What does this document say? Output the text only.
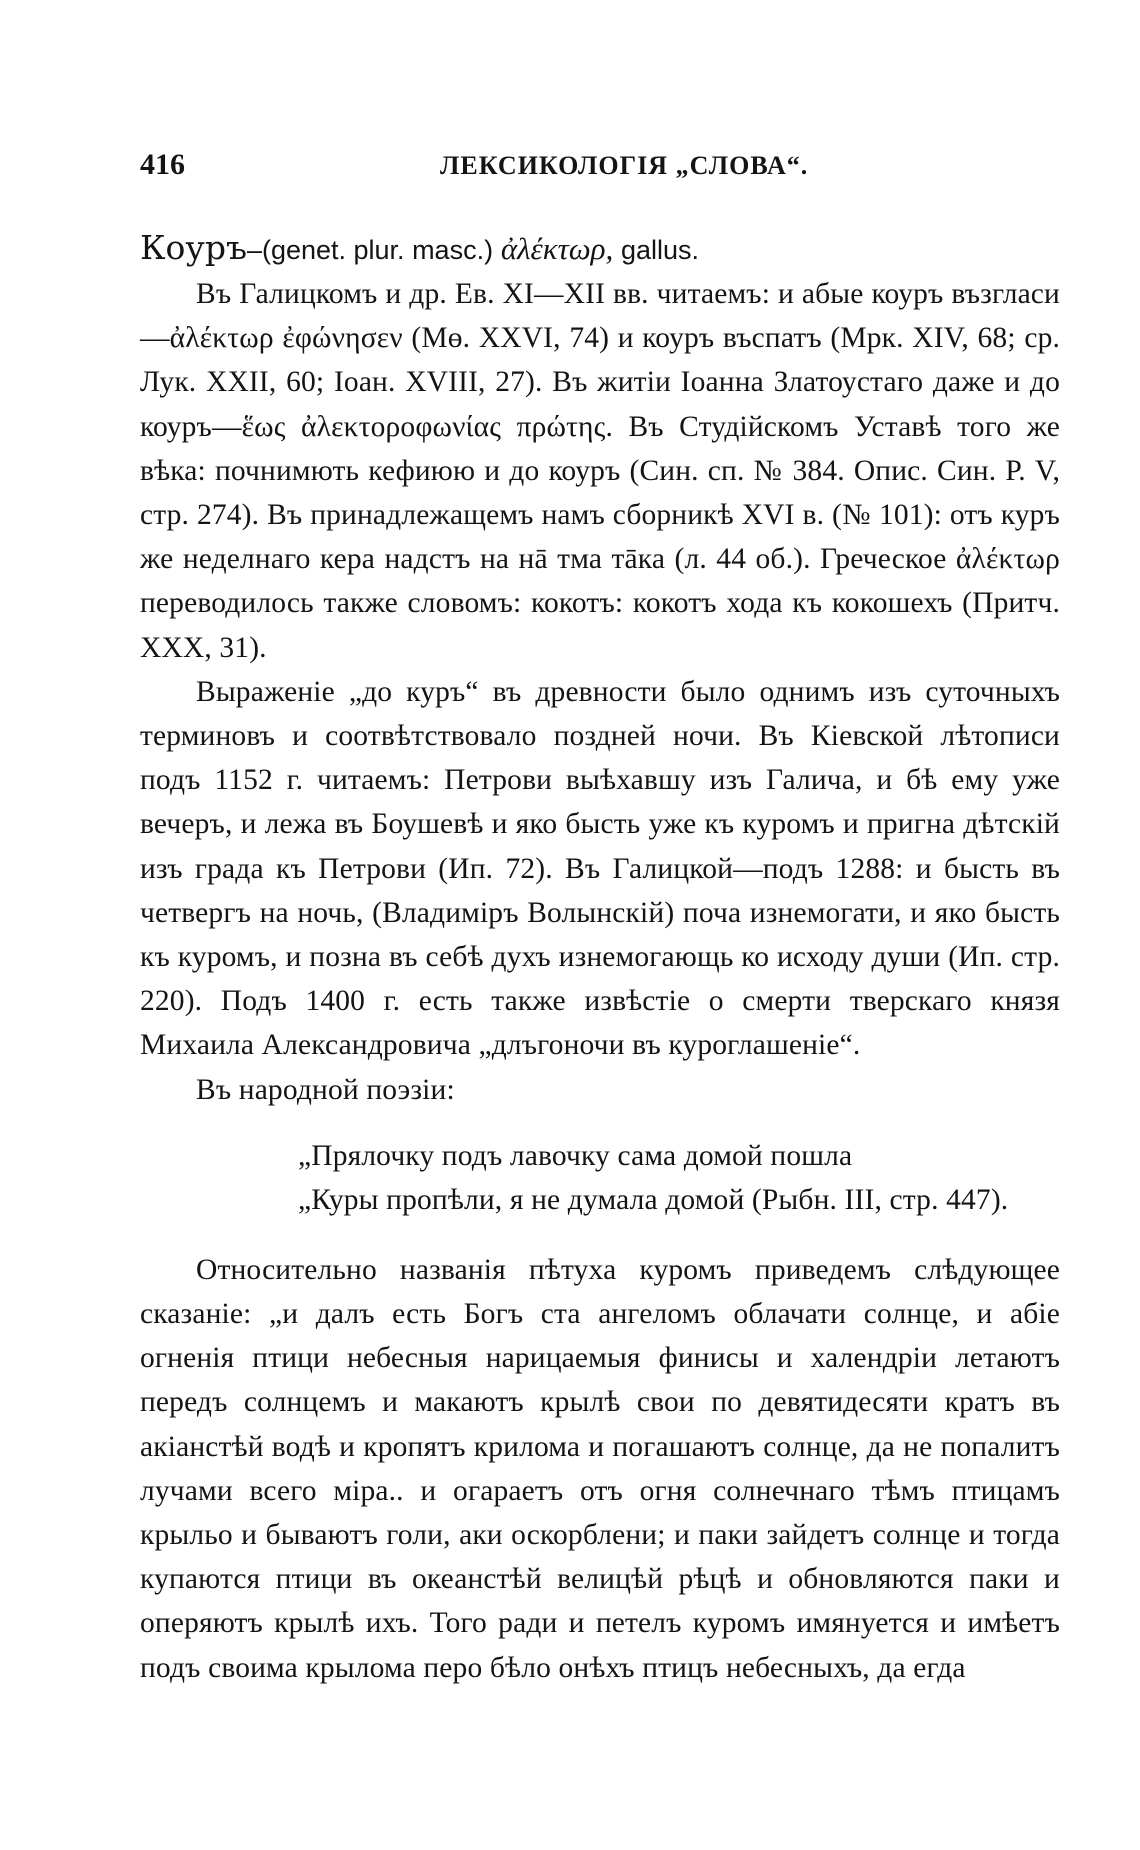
416	ЛЕКСИКОЛОГІЯ „СЛОВА“.
Коуръ–(genet. plur. masc.) ἀλέκτωρ, gallus.

Въ Галицкомъ и др. Ев. XI—XII вв. читаемъ: и абые коуръ възгласи—ἀλέκτωρ ἐφώνησεν (Мө. XXVI, 74) и коуръ въспатъ (Мрк. XIV, 68; ср. Лук. XXII, 60; Іоан. XVIII, 27). Въ житіи Іоанна Златоустаго даже и до коуръ—ἕως ἀλεκτοροφωνίας πρώτης. Въ Студійскомъ Уставѣ того же вѣка: почнимють кефиюю и до коуръ (Син. сп. № 384. Опис. Син. Р. V, стр. 274). Въ принадлежащемъ намъ сборникѣ XVI в. (№ 101): отъ куръ же неделнаго кера надстъ на нā тма тāка (л. 44 об.). Греческое ἀλέκτωρ переводилось также словомъ: кокотъ: кокотъ хода къ кокошехъ (Притч. XXX, 31).

Выраженіе „до куръ“ въ древности было однимъ изъ суточныхъ терминовъ и соотвѣтствовало поздней ночи. Въ Кіевской лѣтописи подъ 1152 г. читаемъ: Петрови выѣхавшу изъ Галича, и бѣ ему уже вечеръ, и лежа въ Боушевѣ и яко бысть уже къ куромъ и пригна дѣтскій изъ града къ Петрови (Ип. 72). Въ Галицкой—подъ 1288: и бысть въ четвергъ на ночь, (Владиміръ Волынскій) поча изнемогати, и яко бысть къ куромъ, и позна въ себѣ духъ изнемогающь ко исходу души (Ип. стр. 220). Подъ 1400 г. есть также извѣстіе о смерти тверскаго князя Михаила Александровича „длъгоночи въ куроглашеніе“.

Въ народной поэзіи:

„Прялочку подъ лавочку сама домой пошла
„Куры пропѣли, я не думала домой (Рыбн. III, стр. 447).

Относительно названія пѣтуха куромъ приведемъ слѣдующее сказаніе: „и далъ есть Богъ ста ангеломъ облачати солнце, и абіе огненія птици небесныя нарицаемыя финисы и халендріи летаютъ передъ солнцемъ и макаютъ крылѣ свои по девятидесяти кратъ въ акіанстѣй водѣ и кропятъ крилома и погашаютъ солнце, да не попалитъ лучами всего міра.. и огараетъ отъ огня солнечнаго тѣмъ птицамъ крыльо и бываютъ голи, аки оскорблени; и паки зайдетъ солнце и тогда купаются птици въ океанстѣй велицѣй рѣцѣ и обновляются паки и оперяютъ крылѣ ихъ. Того ради и петелъ куромъ имянуется и имѣетъ подъ своима крылома перо бѣло онѣхъ птицъ небесныхъ, да егда
